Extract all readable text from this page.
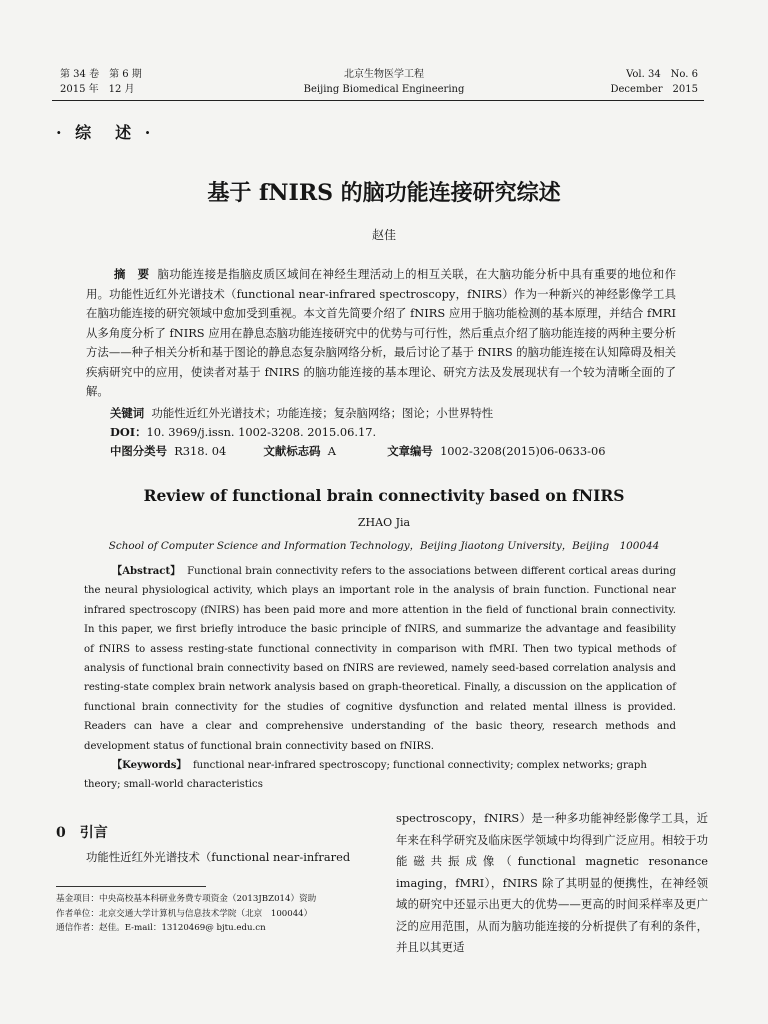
第 34 卷　第 6 期
2015 年　12 月
北京生物医学工程
Beijing Biomedical Engineering
Vol. 34　No. 6
December　2015
· 综　述 ·
基于 fNIRS 的脑功能连接研究综述
赵佳
摘　要 脑功能连接是指脑皮质区域间在神经生理活动上的相互关联，在大脑功能分析中具有重要的地位和作用。功能性近红外光谱技术（functional near-infrared spectroscopy，fNIRS）作为一种新兴的神经影像学工具在脑功能连接的研究领域中愈加受到重视。本文首先简要介绍了 fNIRS 应用于脑功能检测的基本原理，并结合 fMRI 从多角度分析了 fNIRS 应用在静息态脑功能连接研究中的优势与可行性，然后重点介绍了脑功能连接的两种主要分析方法——种子相关分析和基于图论的静息态复杂脑网络分析，最后讨论了基于 fNIRS 的脑功能连接在认知障碍及相关疾病研究中的应用，使读者对基于 fNIRS 的脑功能连接的基本理论、研究方法及发展现状有一个较为清晰全面的了解。
关键词 功能性近红外光谱技术；功能连接；复杂脑网络；图论；小世界特性
DOI：10. 3969/j.issn. 1002-3208. 2015.06.17.
中图分类号 R318. 04	文献标志码 A	文章编号 1002-3208(2015)06-0633-06
Review of functional brain connectivity based on fNIRS
ZHAO Jia
School of Computer Science and Information Technology，Beijing Jiaotong University，Beijing　100044
【Abstract】 Functional brain connectivity refers to the associations between different cortical areas during the neural physiological activity, which plays an important role in the analysis of brain function. Functional near infrared spectroscopy (fNIRS) has been paid more and more attention in the field of functional brain connectivity. In this paper, we first briefly introduce the basic principle of fNIRS, and summarize the advantage and feasibility of fNIRS to assess resting-state functional connectivity in comparison with fMRI. Then two typical methods of analysis of functional brain connectivity based on fNIRS are reviewed, namely seed-based correlation analysis and resting-state complex brain network analysis based on graph-theoretical. Finally, a discussion on the application of functional brain connectivity for the studies of cognitive dysfunction and related mental illness is provided. Readers can have a clear and comprehensive understanding of the basic theory, research methods and development status of functional brain connectivity based on fNIRS.
【Keywords】 functional near-infrared spectroscopy; functional connectivity; complex networks; graph theory; small-world characteristics
0 引言
功能性近红外光谱技术（functional near-infrared
基金项目：中央高校基本科研业务费专项资金（2013JBZ014）资助
作者单位：北京交通大学计算机与信息技术学院（北京　100044）
通信作者：赵佳。E-mail：13120469@ bjtu.edu.cn
spectroscopy，fNIRS）是一种多功能神经影像学工具，近年来在科学研究及临床医学领域中均得到广泛应用。相较于功能磁共振成像（functional magnetic resonance imaging，fMRI），fNIRS 除了其明显的便携性，在神经领域的研究中还显示出更大的优势——更高的时间采样率及更广泛的应用范围，从而为脑功能连接的分析提供了有利的条件，并且以其更适
